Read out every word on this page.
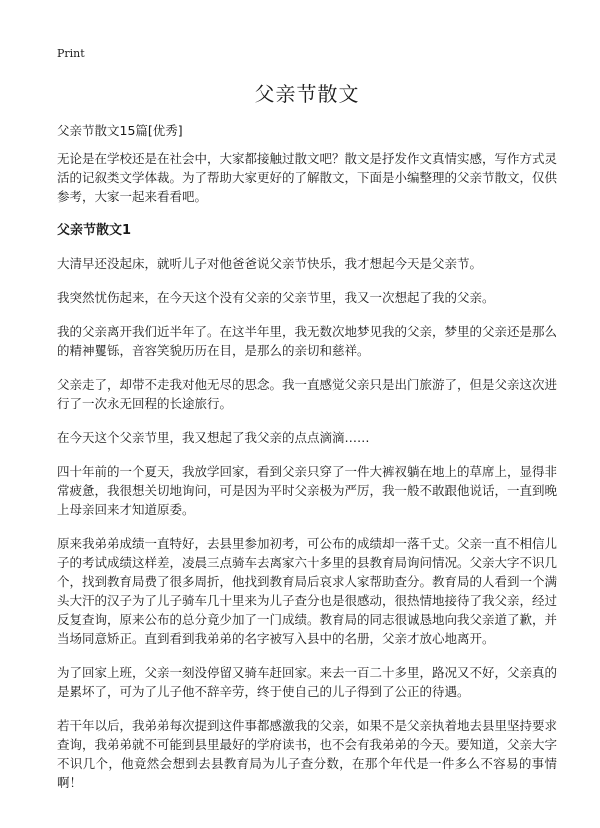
Print
父亲节散文

父亲节散文15篇[优秀]

无论是在学校还是在社会中，大家都接触过散文吧？散文是抒发作文真情实感，写作方式灵活的记叙类文学体裁。为了帮助大家更好的了解散文，下面是小编整理的父亲节散文，仅供参考，大家一起来看看吧。

父亲节散文1

大清早还没起床，就听儿子对他爸爸说父亲节快乐，我才想起今天是父亲节。

我突然忧伤起来，在今天这个没有父亲的父亲节里，我又一次想起了我的父亲。

我的父亲离开我们近半年了。在这半年里，我无数次地梦见我的父亲，梦里的父亲还是那么的精神矍铄，音容笑貌历历在目，是那么的亲切和慈祥。

父亲走了，却带不走我对他无尽的思念。我一直感觉父亲只是出门旅游了，但是父亲这次进行了一次永无回程的长途旅行。

在今天这个父亲节里，我又想起了我父亲的点点滴滴……

四十年前的一个夏天，我放学回家，看到父亲只穿了一件大裤衩躺在地上的草席上，显得非常疲惫，我很想关切地询问，可是因为平时父亲极为严厉，我一般不敢跟他说话，一直到晚上母亲回来才知道原委。

原来我弟弟成绩一直特好，去县里参加初考，可公布的成绩却一落千丈。父亲一直不相信儿子的考试成绩这样差，凌晨三点骑车去离家六十多里的县教育局询问情况。父亲大字不识几个，找到教育局费了很多周折，他找到教育局后哀求人家帮助查分。教育局的人看到一个满头大汗的汉子为了儿子骑车几十里来为儿子查分也是很感动，很热情地接待了我父亲，经过反复查询，原来公布的总分竟少加了一门成绩。教育局的同志很诚恳地向我父亲道了歉，并当场同意矫正。直到看到我弟弟的名字被写入县中的名册，父亲才放心地离开。

为了回家上班，父亲一刻没停留又骑车赶回家。来去一百二十多里，路况又不好，父亲真的是累坏了，可为了儿子他不辞辛劳，终于使自己的儿子得到了公正的待遇。

若干年以后，我弟弟每次提到这件事都感激我的父亲，如果不是父亲执着地去县里坚持要求查询，我弟弟就不可能到县里最好的学府读书，也不会有我弟弟的今天。要知道，父亲大字不识几个，他竟然会想到去县教育局为儿子查分数，在那个年代是一件多么不容易的事情啊！
